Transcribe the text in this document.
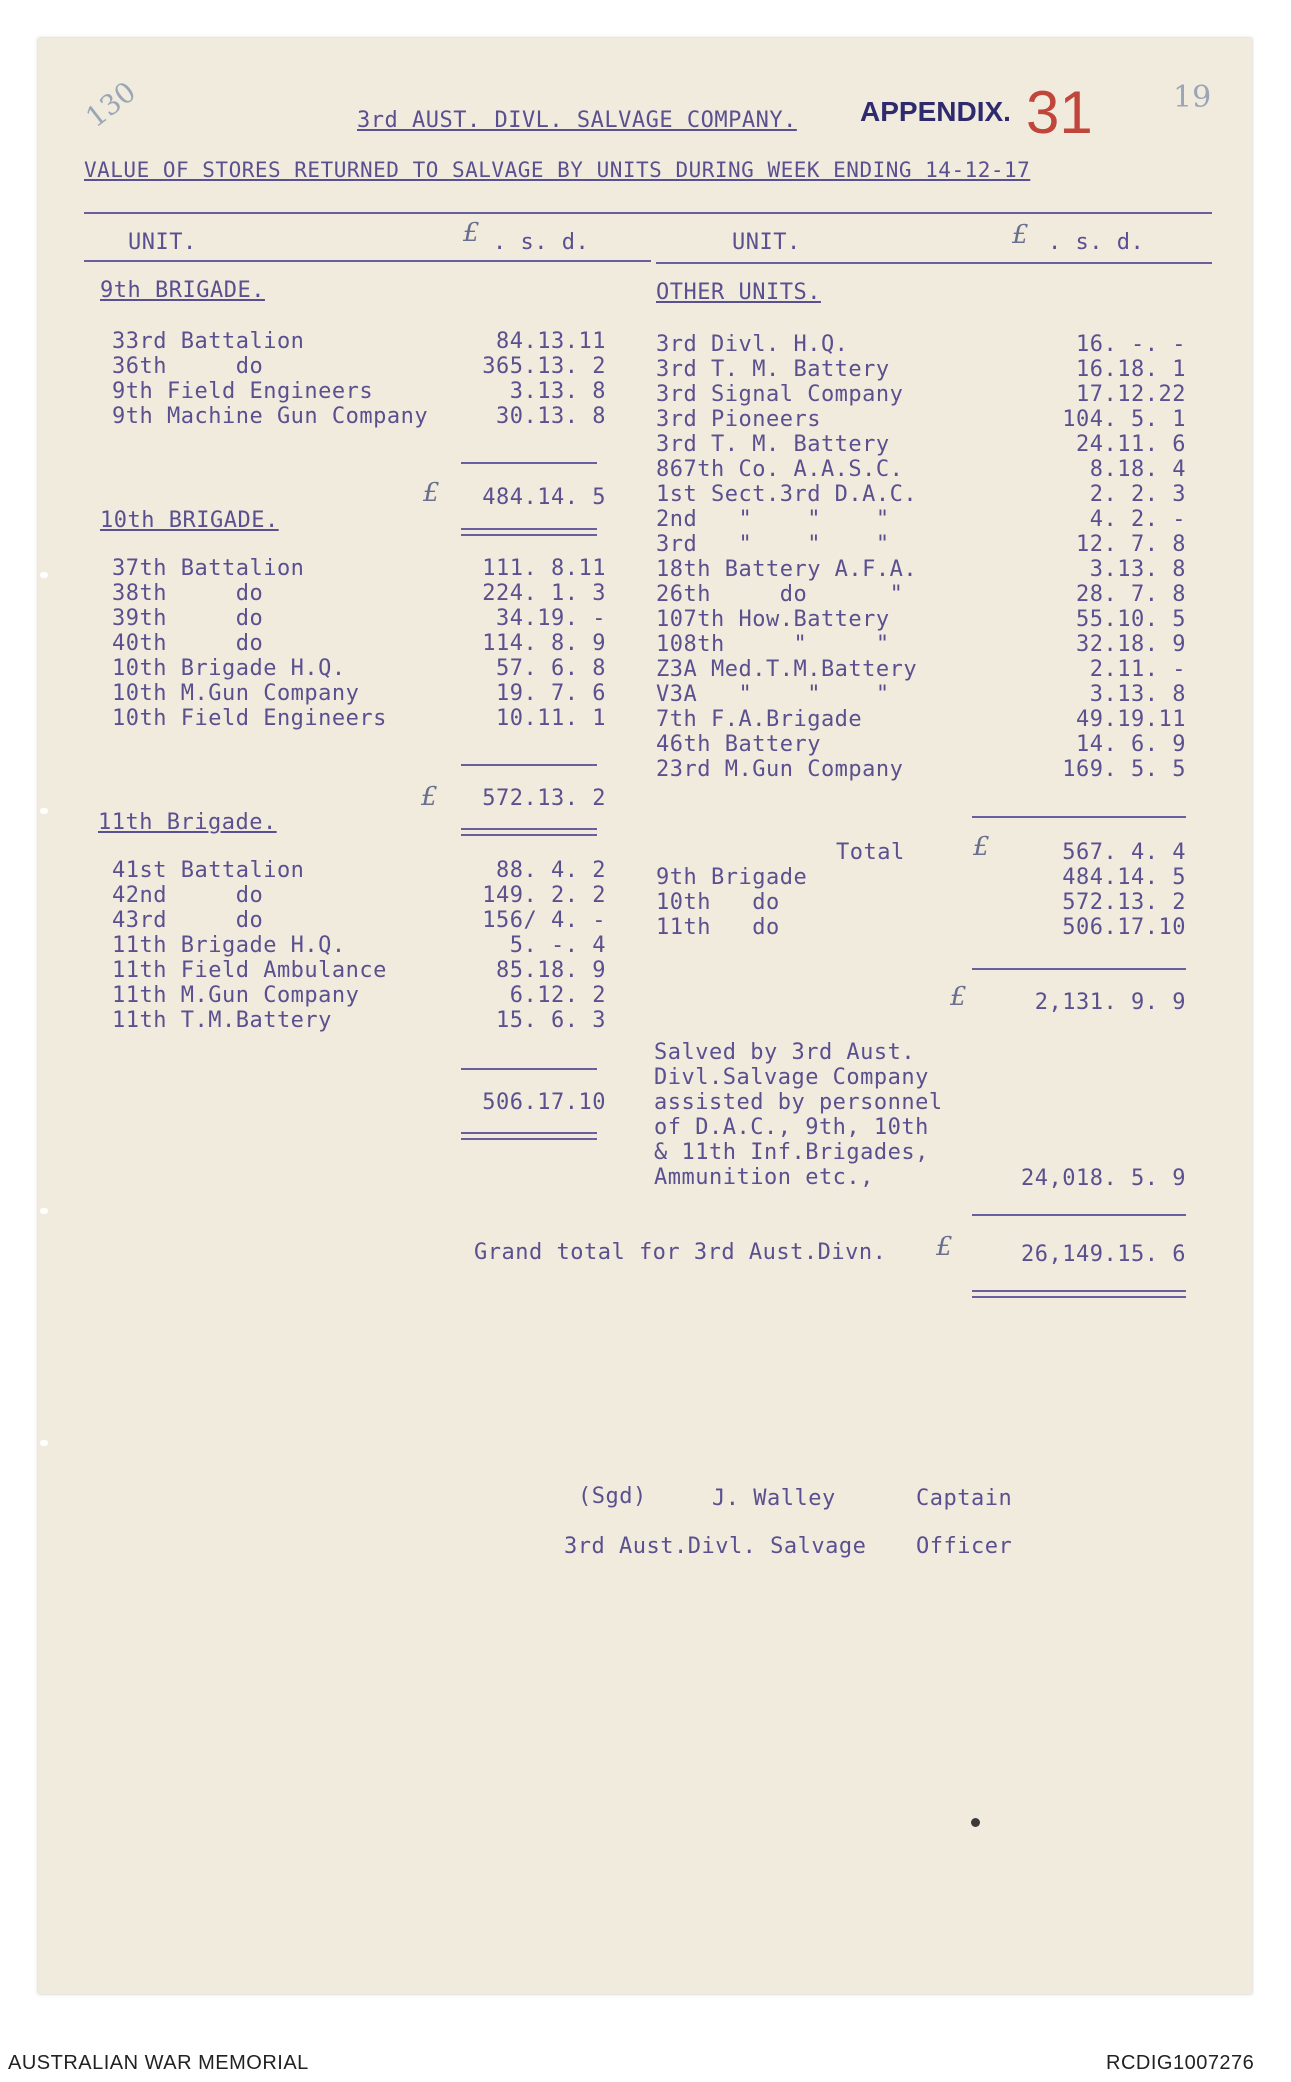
130	19
3rd AUST. DIVL. SALVAGE COMPANY. APPENDIX. 31
VALUE OF STORES RETURNED TO SALVAGE BY UNITS DURING WEEK ENDING 14-12-17
UNIT.	£ . s. d.	UNIT.	£ . s. d.
9th BRIGADE.
33rd Battalion	84.13.11
36th     do	365.13. 2
9th Field Engineers	3.13. 8
9th Machine Gun Company	30.13. 8
£	484.14. 5
10th BRIGADE.
37th Battalion	111. 8.11
38th     do	224. 1. 3
39th     do	34.19. -
40th     do	114. 8. 9
10th Brigade H.Q.	57. 6. 8
10th M.Gun Company	19. 7. 6
10th Field Engineers	10.11. 1
£	572.13. 2
11th Brigade.
41st Battalion	88. 4. 2
42nd     do	149. 2. 2
43rd     do	156/ 4. -
11th Brigade H.Q.	5. -. 4
11th Field Ambulance	85.18. 9
11th M.Gun Company	6.12. 2
11th T.M.Battery	15. 6. 3
506.17.10
OTHER UNITS.
3rd Divl. H.Q.	16. -. -
3rd T. M. Battery	16.18. 1
3rd Signal Company	17.12.22
3rd Pioneers	104. 5. 1
3rd T. M. Battery	24.11. 6
867th Co. A.A.S.C.	8.18. 4
1st Sect.3rd D.A.C.	2. 2. 3
2nd   "    "    "	4. 2. -
3rd   "    "    "	12. 7. 8
18th Battery A.F.A.	3.13. 8
26th     do      "	28. 7. 8
107th How.Battery	55.10. 5
108th     "     "	32.18. 9
Z3A Med.T.M.Battery	2.11. -
V3A   "    "    "	3.13. 8
7th F.A.Brigade	49.19.11
46th Battery	14. 6. 9
23rd M.Gun Company	169. 5. 5
Total	£	567. 4. 4
9th Brigade	484.14. 5
10th   do	572.13. 2
11th   do	506.17.10
£	2,131. 9. 9
Salved by 3rd Aust.
Divl.Salvage Company
assisted by personnel
of D.A.C., 9th, 10th
& 11th Inf.Brigades,
Ammunition etc.,	24,018. 5. 9
Grand total for 3rd Aust.Divn. £	26,149.15. 6
(Sgd)	J. Walley	Captain
3rd Aust.Divl. Salvage Officer
AUSTRALIAN WAR MEMORIAL	RCDIG1007276
